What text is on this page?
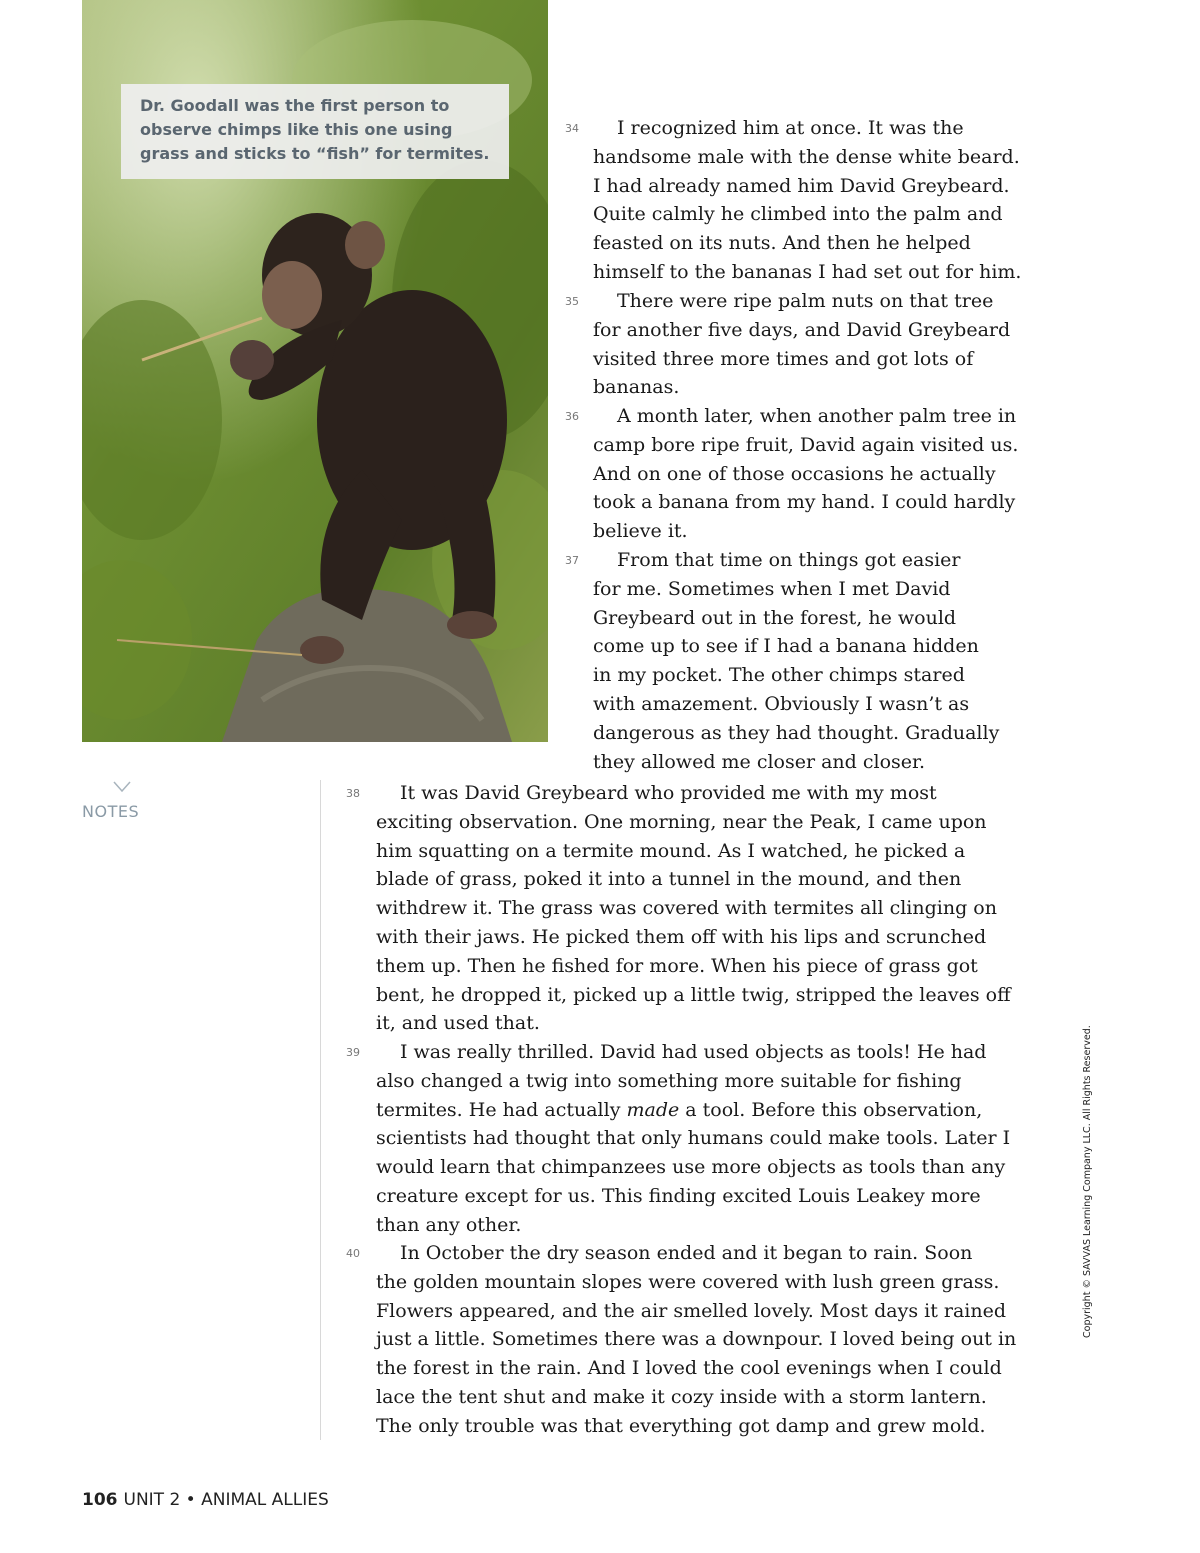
Dr. Goodall was the first person to observe chimps like this one using grass and sticks to “fish” for termites.
34	I recognized him at once. It was the
handsome male with the dense white beard.
I had already named him David Greybeard.
Quite calmly he climbed into the palm and
feasted on its nuts. And then he helped
himself to the bananas I had set out for him.
35	There were ripe palm nuts on that tree
for another five days, and David Greybeard
visited three more times and got lots of
bananas.
36	A month later, when another palm tree in
camp bore ripe fruit, David again visited us.
And on one of those occasions he actually
took a banana from my hand. I could hardly
believe it.
37	From that time on things got easier
for me. Sometimes when I met David
Greybeard out in the forest, he would
come up to see if I had a banana hidden
in my pocket. The other chimps stared
with amazement. Obviously I wasn’t as
dangerous as they had thought. Gradually
they allowed me closer and closer.
NOTES
38	It was David Greybeard who provided me with my most
exciting observation. One morning, near the Peak, I came upon
him squatting on a termite mound. As I watched, he picked a
blade of grass, poked it into a tunnel in the mound, and then
withdrew it. The grass was covered with termites all clinging on
with their jaws. He picked them off with his lips and scrunched
them up. Then he fished for more. When his piece of grass got
bent, he dropped it, picked up a little twig, stripped the leaves off
it, and used that.
39	I was really thrilled. David had used objects as tools! He had
also changed a twig into something more suitable for fishing
termites. He had actually made a tool. Before this observation,
scientists had thought that only humans could make tools. Later I
would learn that chimpanzees use more objects as tools than any
creature except for us. This finding excited Louis Leakey more
than any other.
40	In October the dry season ended and it began to rain. Soon
the golden mountain slopes were covered with lush green grass.
Flowers appeared, and the air smelled lovely. Most days it rained
just a little. Sometimes there was a downpour. I loved being out in
the forest in the rain. And I loved the cool evenings when I could
lace the tent shut and make it cozy inside with a storm lantern.
The only trouble was that everything got damp and grew mold.
106 UNIT 2 • ANIMAL ALLIES
Copyright © SAVVAS Learning Company LLC. All Rights Reserved.
